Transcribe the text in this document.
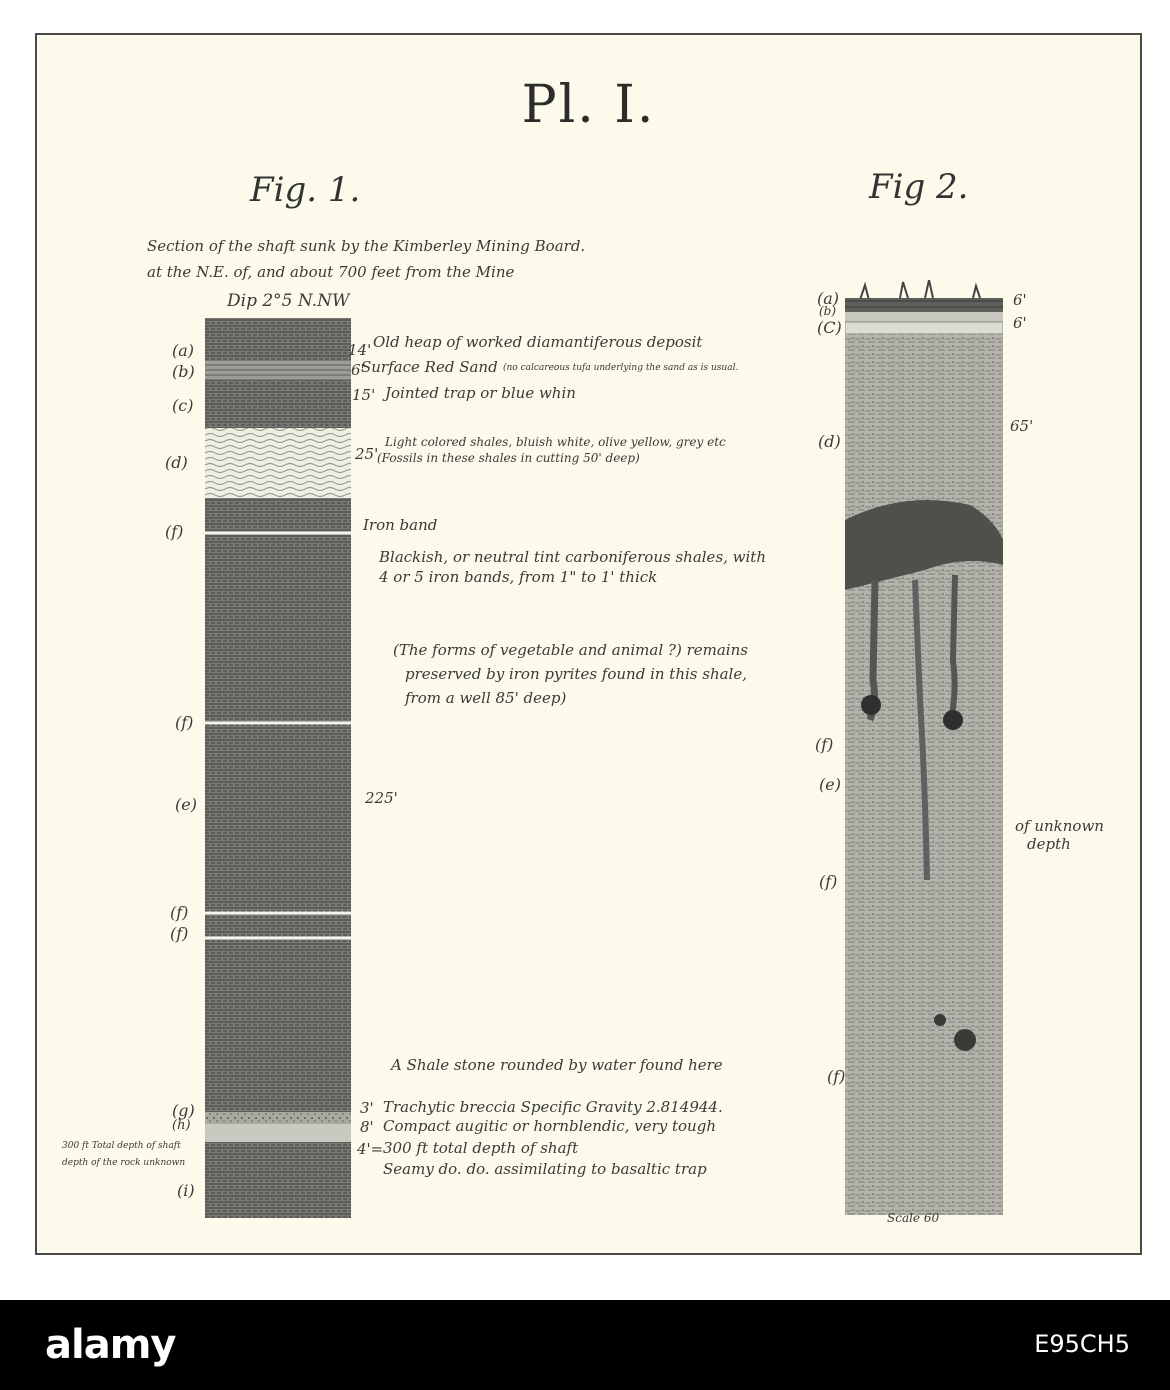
Pl. I.
Fig. 1.
Section of the shaft sunk by the Kimberley Mining Board.
at the N.E. of, and about 700 feet from the Mine
Dip 2°5 N.NW
(a)
(b)
(c)
(d)
(f)
(f)
(e)
(f)
(f)
(g)
(h)
(i)
300 ft Total depth of shaft
depth of the rock unknown
14'
6'
15'
25'
225'
3'
8'
4'=
Old heap of worked diamantiferous deposit
Surface Red Sand (no calcareous tufa underlying the sand as is usual.
Jointed trap or blue whin
Light colored shales, bluish white, olive yellow, grey etc
(Fossils in these shales in cutting 50' deep)
Iron band
Blackish, or neutral tint carboniferous shales, with
4 or 5 iron bands, from 1" to 1' thick
(The forms of vegetable and animal ?) remains
preserved by iron pyrites found in this shale,
from a well 85' deep)
A Shale stone rounded by water found here
Trachytic breccia Specific Gravity 2.814944.
Compact augitic or hornblendic, very tough
300 ft total depth of shaft
Seamy do. do. assimilating to basaltic trap
Fig 2.
(a)
(b)
(C)
(d)
(f)
(e)
(f)
(f)
6'
6'
65'
of unknown
depth
Scale 60
alamy	E95CH5
